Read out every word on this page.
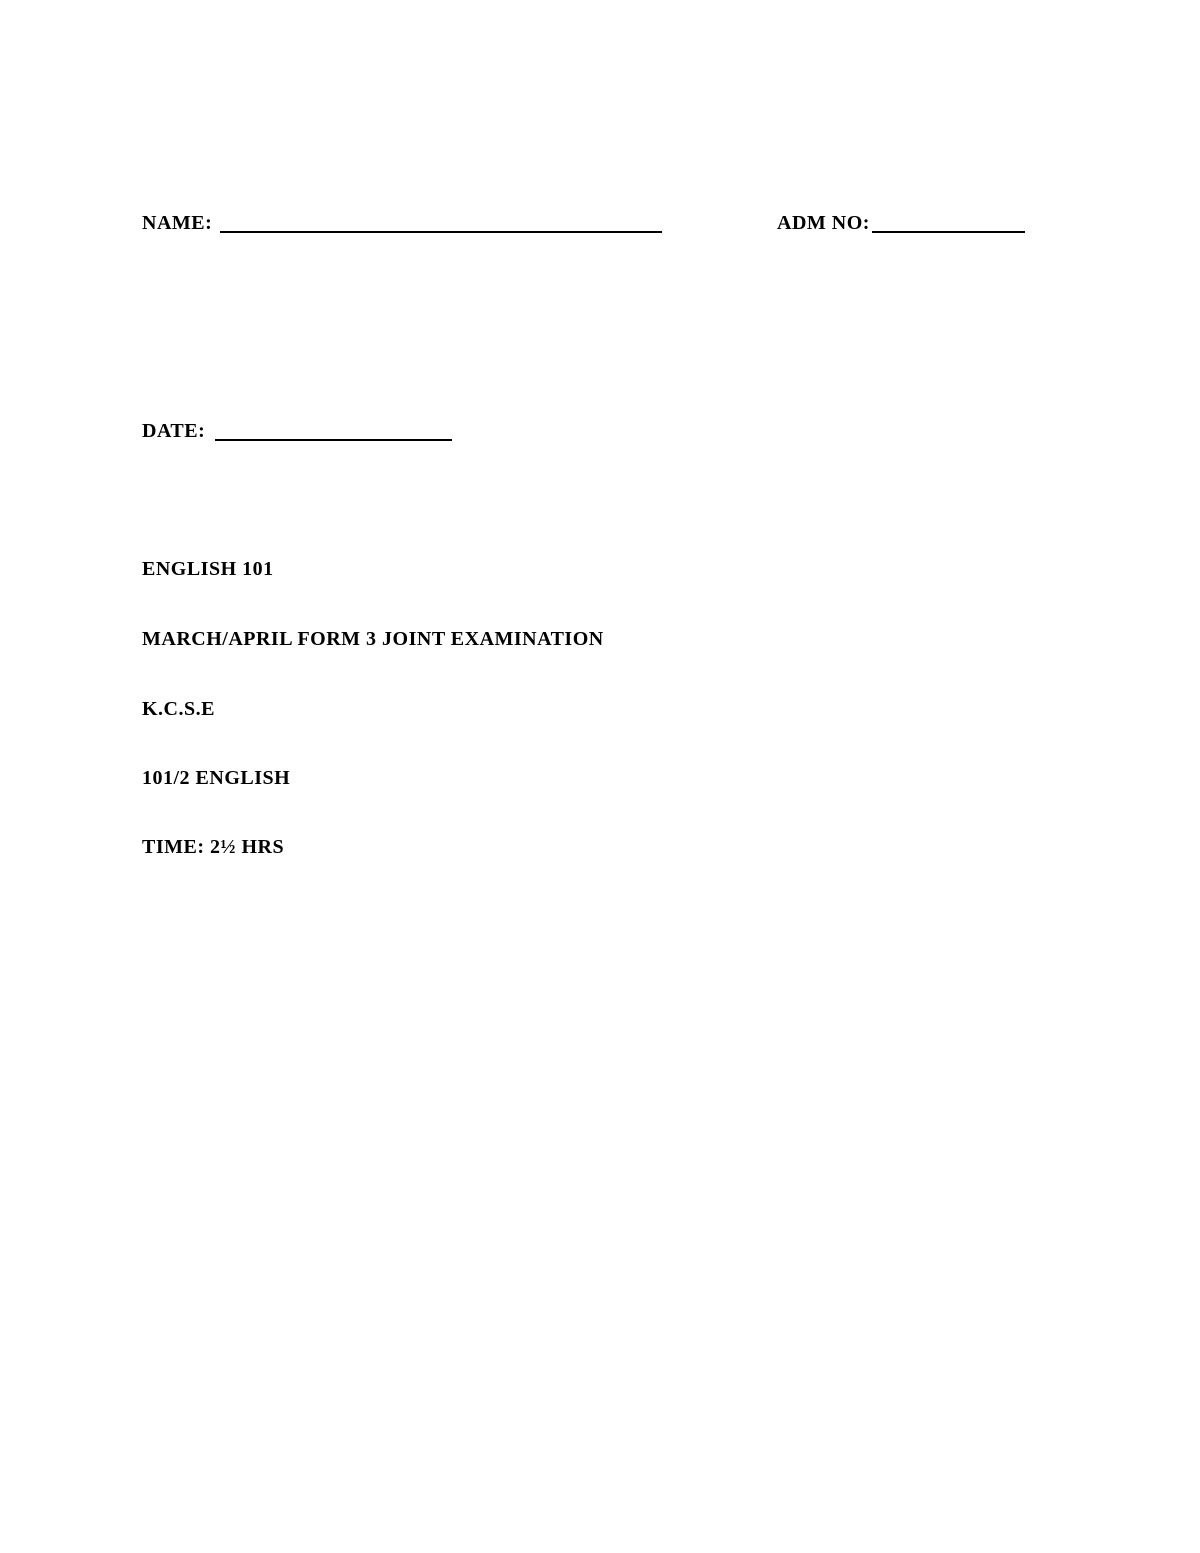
NAME:	ADM NO:
DATE:
ENGLISH 101
MARCH/APRIL FORM 3 JOINT EXAMINATION
K.C.S.E
101/2 ENGLISH
TIME: 2½ HRS
